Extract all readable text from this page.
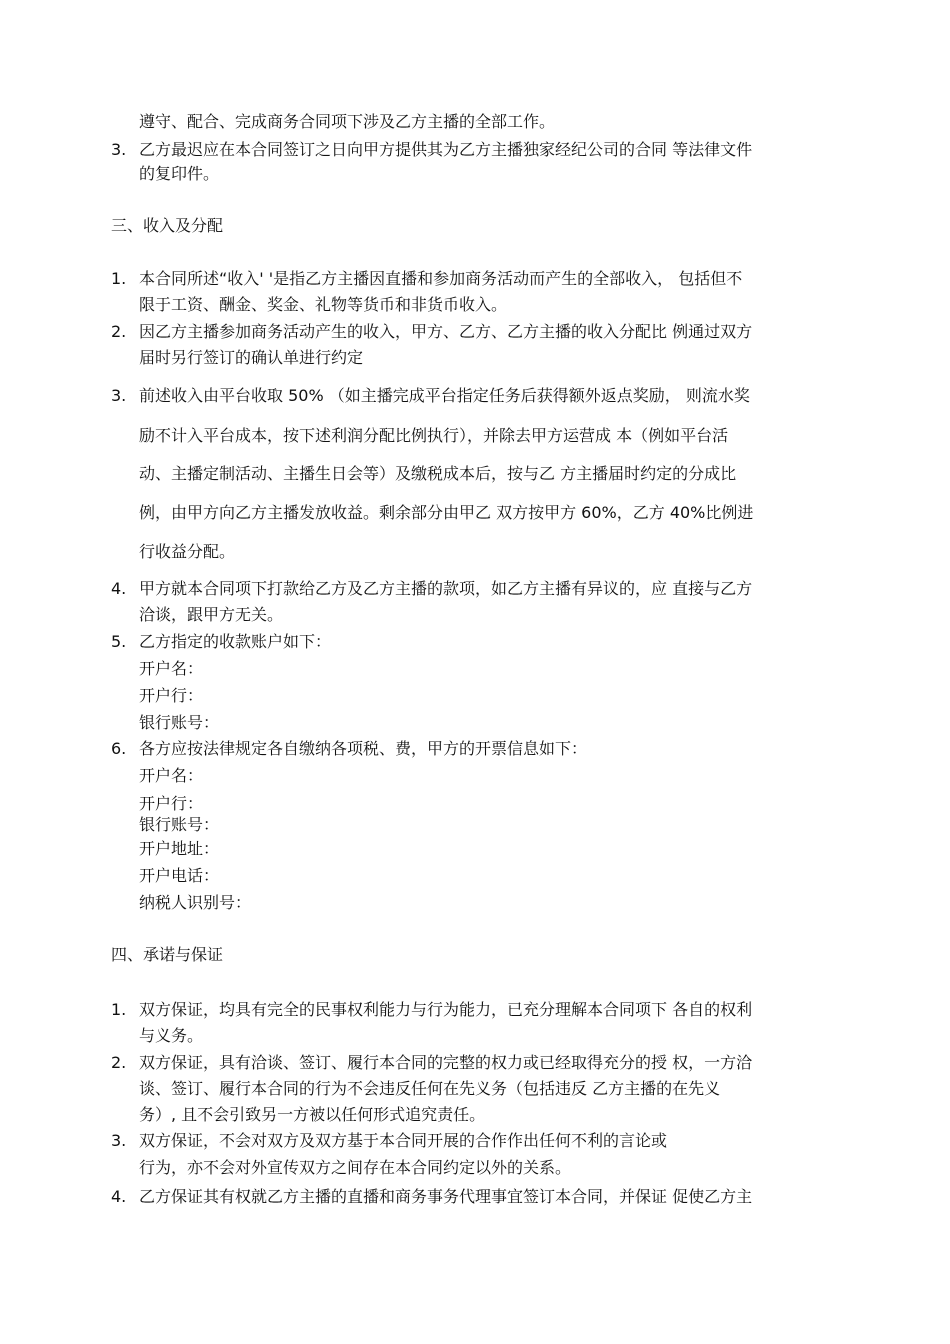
遵守、配合、完成商务合同项下涉及乙方主播的全部工作。
3. 乙方最迟应在本合同签订之日向甲方提供其为乙方主播独家经纪公司的合同 等法律文件
的复印件。
三、收入及分配
1. 本合同所述“收入' '是指乙方主播因直播和参加商务活动而产生的全部收入， 包括但不
限于工资、酬金、奖金、礼物等货币和非货币收入。
2. 因乙方主播参加商务活动产生的收入，甲方、乙方、乙方主播的收入分配比 例通过双方
届时另行签订的确认单进行约定
3. 前述收入由平台收取 50% （如主播完成平台指定任务后获得额外返点奖励， 则流水奖
励不计入平台成本，按下述利润分配比例执行），并除去甲方运营成 本（例如平台活
动、主播定制活动、主播生日会等）及缴税成本后，按与乙 方主播届时约定的分成比
例，由甲方向乙方主播发放收益。剩余部分由甲乙 双方按甲方 60%，乙方 40%比例进
行收益分配。
4. 甲方就本合同项下打款给乙方及乙方主播的款项，如乙方主播有异议的，应 直接与乙方
洽谈，跟甲方无关。
5. 乙方指定的收款账户如下：
开户名：
开户行：
银行账号：
6. 各方应按法律规定各自缴纳各项税、费，甲方的开票信息如下：
开户名：
开户行：
银行账号：
开户地址：
开户电话：
纳税人识别号：
四、承诺与保证
1. 双方保证，均具有完全的民事权利能力与行为能力，已充分理解本合同项下 各自的权利
与义务。
2. 双方保证，具有洽谈、签订、履行本合同的完整的权力或已经取得充分的授 权，一方洽
谈、签订、履行本合同的行为不会违反任何在先义务（包括违反 乙方主播的在先义
务）, 且不会引致另一方被以任何形式追究责任。
3. 双方保证，不会对双方及双方基于本合同开展的合作作出任何不利的言论或
行为，亦不会对外宣传双方之间存在本合同约定以外的关系。
4. 乙方保证其有权就乙方主播的直播和商务事务代理事宜签订本合同，并保证 促使乙方主
